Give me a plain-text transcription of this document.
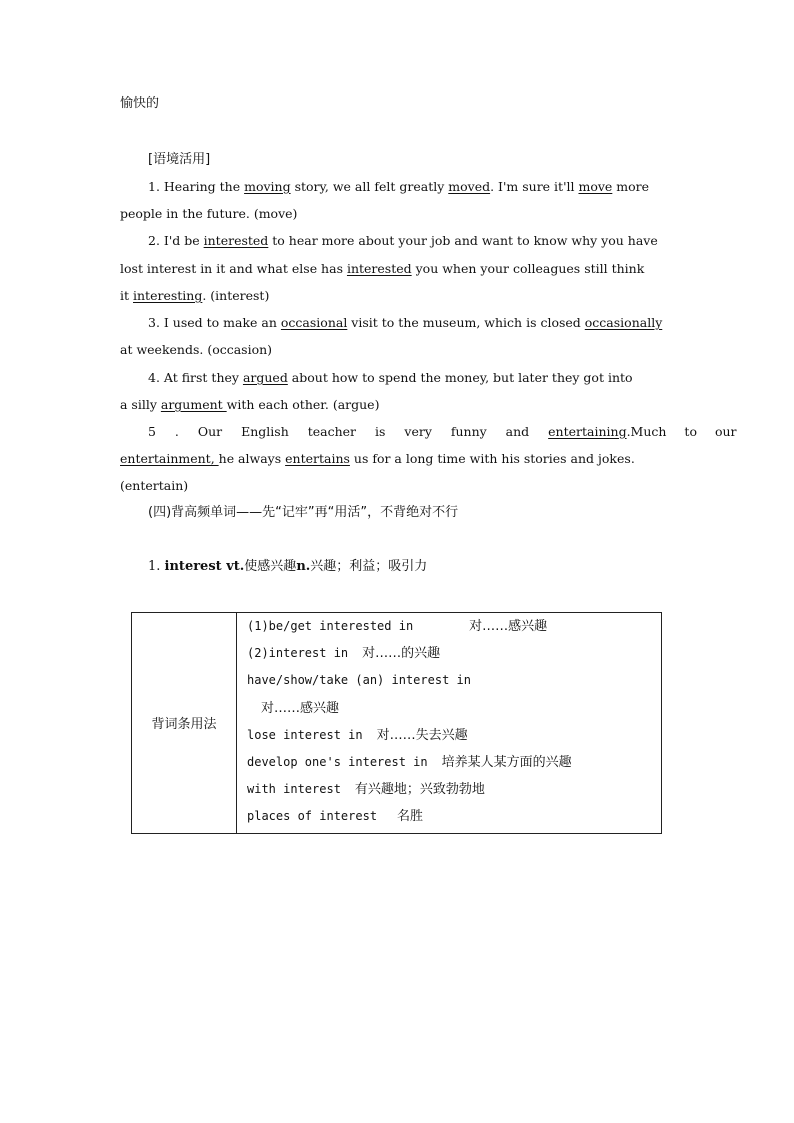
愉快的
[语境活用]
1. Hearing the moving story, we all felt greatly moved. I'm sure it'll move more
people in the future. (move)
2. I'd be interested to hear more about your job and want to know why you have
lost interest in it and what else has interested you when your colleagues still think
it interesting. (interest)
3. I used to make an occasional visit to the museum, which is closed occasionally
at weekends. (occasion)
4. At first they argued about how to spend the money, but later they got into
a silly argument with each other. (argue)
5 . Our English teacher is very funny and entertaining.Much to our
entertainment, he always entertains us for a long time with his stories and jokes.
(entertain)
(四)背高频单词——先“记牢”再“用活”，不背绝对不行
1. interest vt.使感兴趣n.兴趣；利益；吸引力
背词条用法	
(1)be/get interested in	对……感兴趣
(2)interest in 对……的兴趣
have/show/take (an) interest in
对……感兴趣
lose interest in 对……失去兴趣
develop one's interest in 培养某人某方面的兴趣
with interest 有兴趣地；兴致勃勃地
places of interest 名胜
